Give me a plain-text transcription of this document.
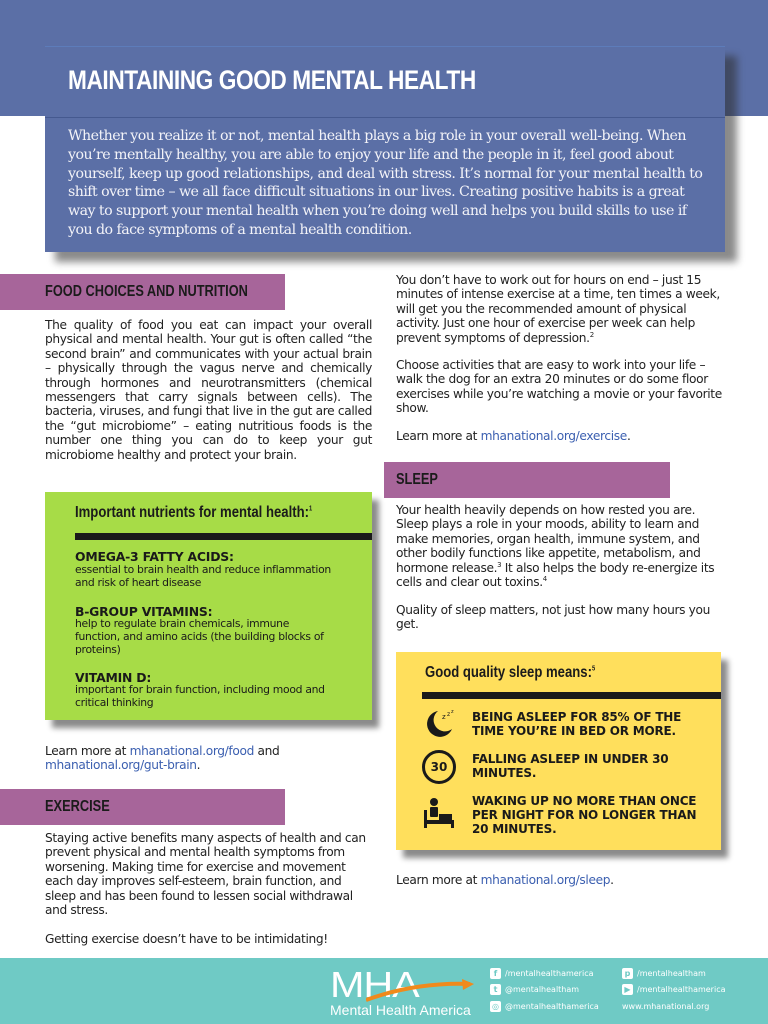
MAINTAINING GOOD MENTAL HEALTH
Whether you realize it or not, mental health plays a big role in your overall well-being. When you’re mentally healthy, you are able to enjoy your life and the people in it, feel good about yourself, keep up good relationships, and deal with stress. It’s normal for your mental health to shift over time – we all face difficult situations in our lives. Creating positive habits is a great way to support your mental health when you’re doing well and helps you build skills to use if you do face symptoms of a mental health condition.
FOOD CHOICES AND NUTRITION
The quality of food you eat can impact your overall physical and mental health. Your gut is often called “the second brain” and communicates with your actual brain – physically through the vagus nerve and chemically through hormones and neurotransmitters (chemical messengers that carry signals between cells). The bacteria, viruses, and fungi that live in the gut are called the “gut microbiome” – eating nutritious foods is the number one thing you can do to keep your gut microbiome healthy and protect your brain.
Important nutrients for mental health:$^1$
OMEGA-3 FATTY ACIDS:
essential to brain health and reduce inflammation and risk of heart disease
B-GROUP VITAMINS:
help to regulate brain chemicals, immune function, and amino acids (the building blocks of proteins)
VITAMIN D:
important for brain function, including mood and critical thinking
Learn more at mhanational.org/food and
mhanational.org/gut-brain.
EXERCISE
Staying active benefits many aspects of health and can prevent physical and mental health symptoms from worsening. Making time for exercise and movement each day improves self-esteem, brain function, and sleep and has been found to lessen social withdrawal and stress.
Getting exercise doesn’t have to be intimidating!
You don’t have to work out for hours on end – just 15 minutes of intense exercise at a time, ten times a week, will get you the recommended amount of physical activity. Just one hour of exercise per week can help prevent symptoms of depression.$^2$
Choose activities that are easy to work into your life – walk the dog for an extra 20 minutes or do some floor exercises while you’re watching a movie or your favorite show.
Learn more at mhanational.org/exercise.
SLEEP
Your health heavily depends on how rested you are. Sleep plays a role in your moods, ability to learn and make memories, organ health, immune system, and other bodily functions like appetite, metabolism, and hormone release.$^3$ It also helps the body re-energize its cells and clear out toxins.$^4$
Quality of sleep matters, not just how many hours you get.
Good quality sleep means:$^5$
z z z BEING ASLEEP FOR 85% OF THE TIME YOU’RE IN BED OR MORE.
30
FALLING ASLEEP IN UNDER 30 MINUTES.
WAKING UP NO MORE THAN ONCE PER NIGHT FOR NO LONGER THAN 20 MINUTES.
Learn more at mhanational.org/sleep.
MHA
Mental Health America
f /mentalhealthamerica
t @mentalhealtham
◎ @mentalhealthamerica
p /mentalhealtham
▶ /mentalhealthamerica
www.mhanational.org
